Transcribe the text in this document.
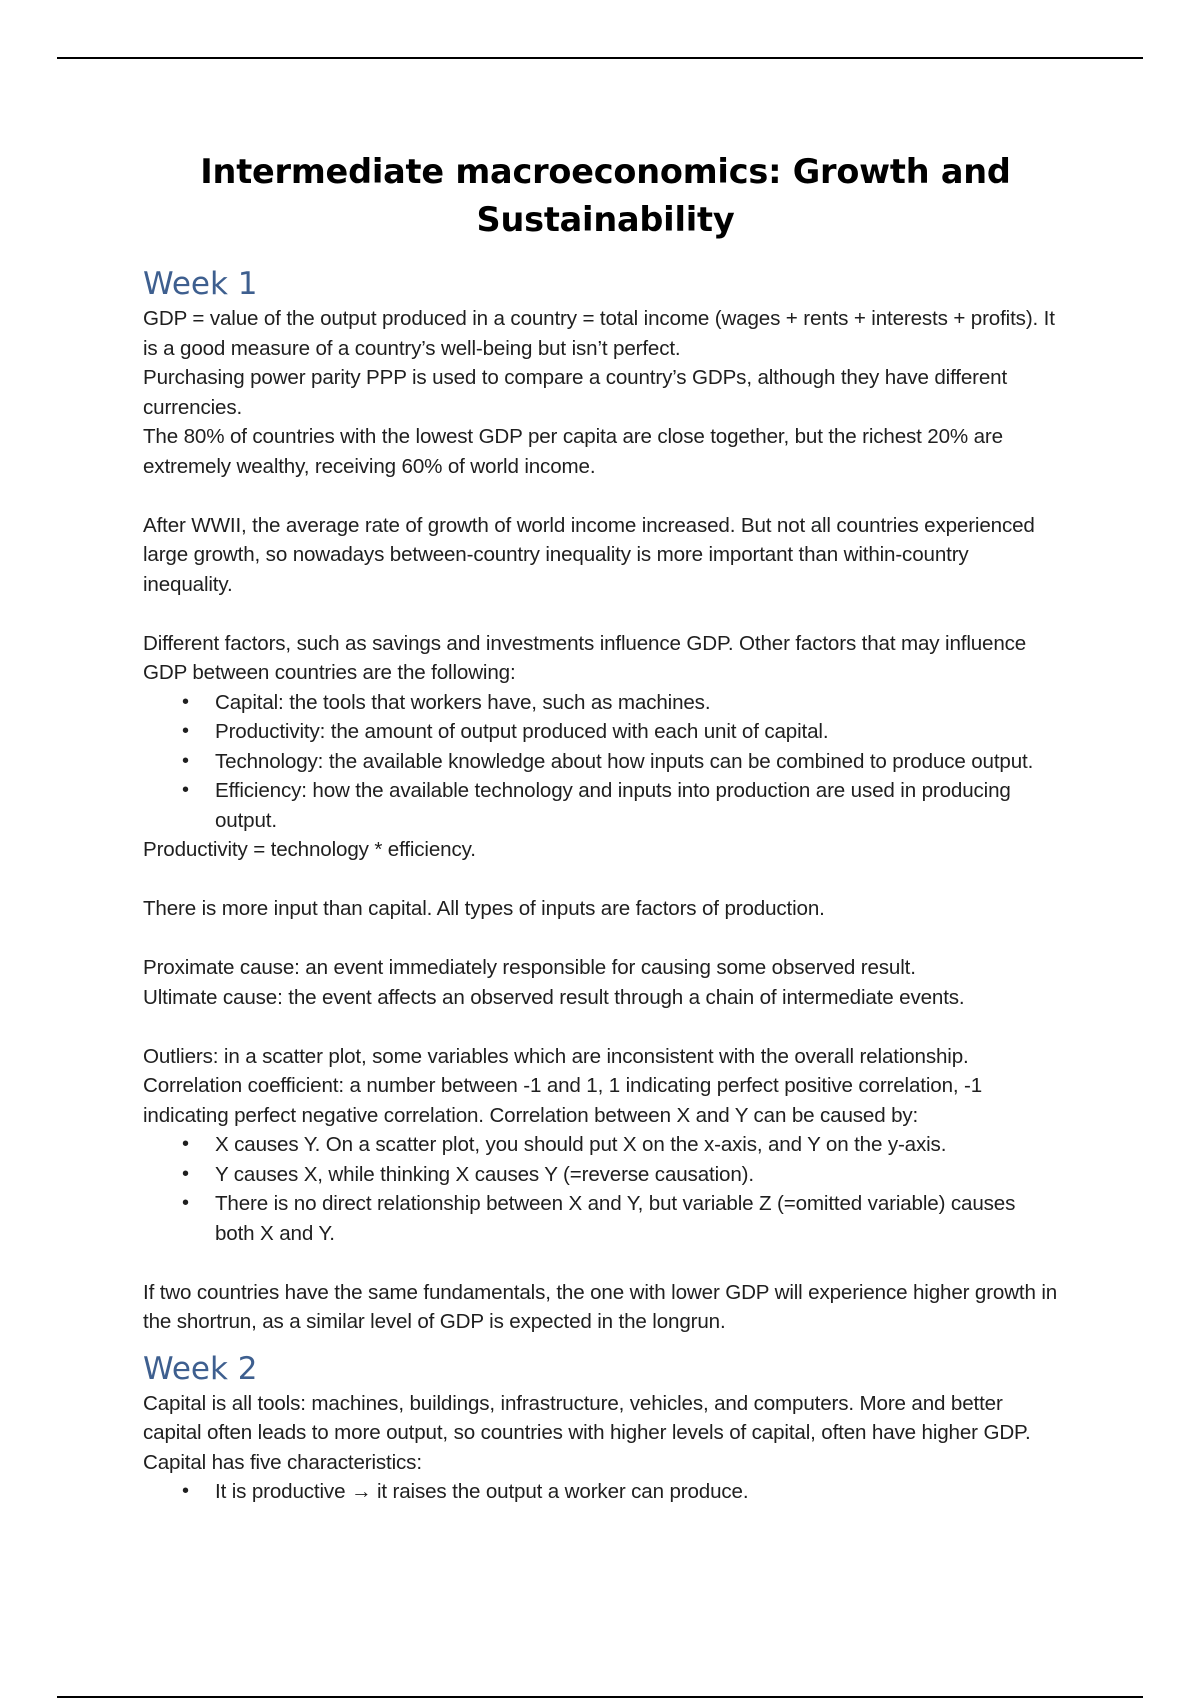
Intermediate macroeconomics: Growth and Sustainability
Week 1

GDP = value of the output produced in a country = total income (wages + rents + interests + profits). It is a good measure of a country’s well-being but isn’t perfect.

Purchasing power parity PPP is used to compare a country’s GDPs, although they have different currencies.

The 80% of countries with the lowest GDP per capita are close together, but the richest 20% are extremely wealthy, receiving 60% of world income.

After WWII, the average rate of growth of world income increased. But not all countries experienced large growth, so nowadays between-country inequality is more important than within-country inequality.

Different factors, such as savings and investments influence GDP. Other factors that may influence GDP between countries are the following:

• Capital: the tools that workers have, such as machines.
• Productivity: the amount of output produced with each unit of capital.
• Technology: the available knowledge about how inputs can be combined to produce output.
• Efficiency: how the available technology and inputs into production are used in producing output.

Productivity = technology * efficiency.

There is more input than capital. All types of inputs are factors of production.

Proximate cause: an event immediately responsible for causing some observed result.

Ultimate cause: the event affects an observed result through a chain of intermediate events.

Outliers: in a scatter plot, some variables which are inconsistent with the overall relationship.

Correlation coefficient: a number between -1 and 1, 1 indicating perfect positive correlation, -1 indicating perfect negative correlation. Correlation between X and Y can be caused by:

• X causes Y. On a scatter plot, you should put X on the x-axis, and Y on the y-axis.
• Y causes X, while thinking X causes Y (=reverse causation).
• There is no direct relationship between X and Y, but variable Z (=omitted variable) causes both X and Y.

If two countries have the same fundamentals, the one with lower GDP will experience higher growth in the shortrun, as a similar level of GDP is expected in the longrun.

Week 2

Capital is all tools: machines, buildings, infrastructure, vehicles, and computers. More and better capital often leads to more output, so countries with higher levels of capital, often have higher GDP. Capital has five characteristics:

• It is productive → it raises the output a worker can produce.
